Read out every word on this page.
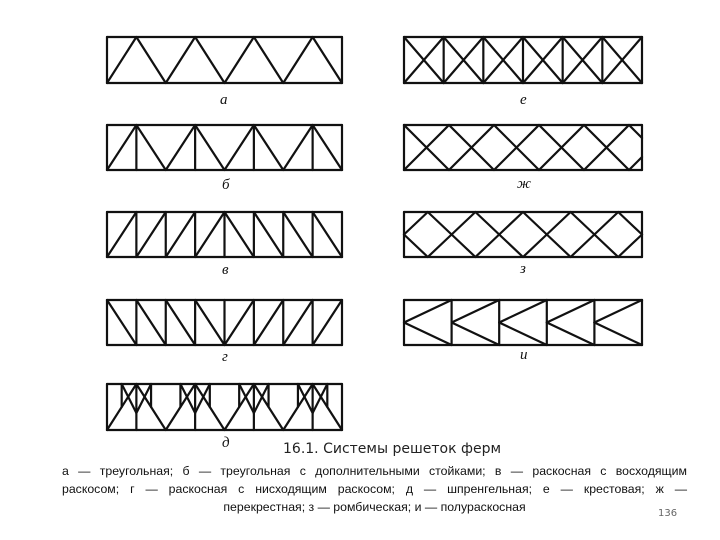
а
б
в
г
д
е
ж
з
и
16.1. Системы решеток ферм
а — треугольная; б — треугольная с дополнительными стойками; в — раскосная с восходящим
раскосом; г — раскосная с нисходящим раскосом; д — шпренгельная; е — крестовая; ж —
перекрестная; з — ромбическая; и — полураскосная	136
